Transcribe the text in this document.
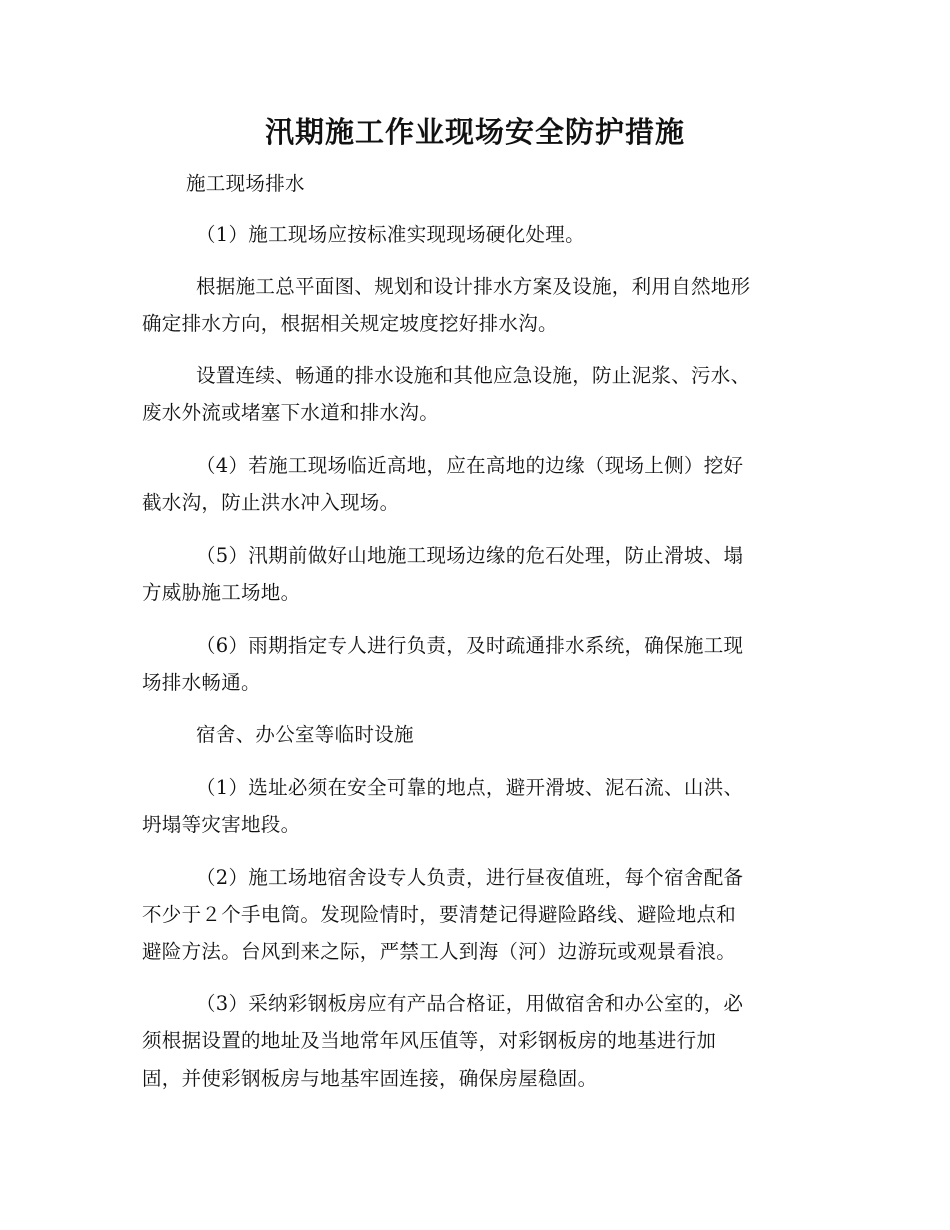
汛期施工作业现场安全防护措施
施工现场排水
（1）施工现场应按标准实现现场硬化处理。
根据施工总平面图、规划和设计排水方案及设施，利用自然地形
确定排水方向，根据相关规定坡度挖好排水沟。
设置连续、畅通的排水设施和其他应急设施，防止泥浆、污水、
废水外流或堵塞下水道和排水沟。
（4）若施工现场临近高地，应在高地的边缘（现场上侧）挖好
截水沟，防止洪水冲入现场。
（5）汛期前做好山地施工现场边缘的危石处理，防止滑坡、塌
方威胁施工场地。
（6）雨期指定专人进行负责，及时疏通排水系统，确保施工现
场排水畅通。
宿舍、办公室等临时设施
（1）选址必须在安全可靠的地点，避开滑坡、泥石流、山洪、
坍塌等灾害地段。
（2）施工场地宿舍设专人负责，进行昼夜值班，每个宿舍配备
不少于２个手电筒。发现险情时，要清楚记得避险路线、避险地点和
避险方法。台风到来之际，严禁工人到海（河）边游玩或观景看浪。
（3）采纳彩钢板房应有产品合格证，用做宿舍和办公室的，必
须根据设置的地址及当地常年风压值等，对彩钢板房的地基进行加
固，并使彩钢板房与地基牢固连接，确保房屋稳固。
